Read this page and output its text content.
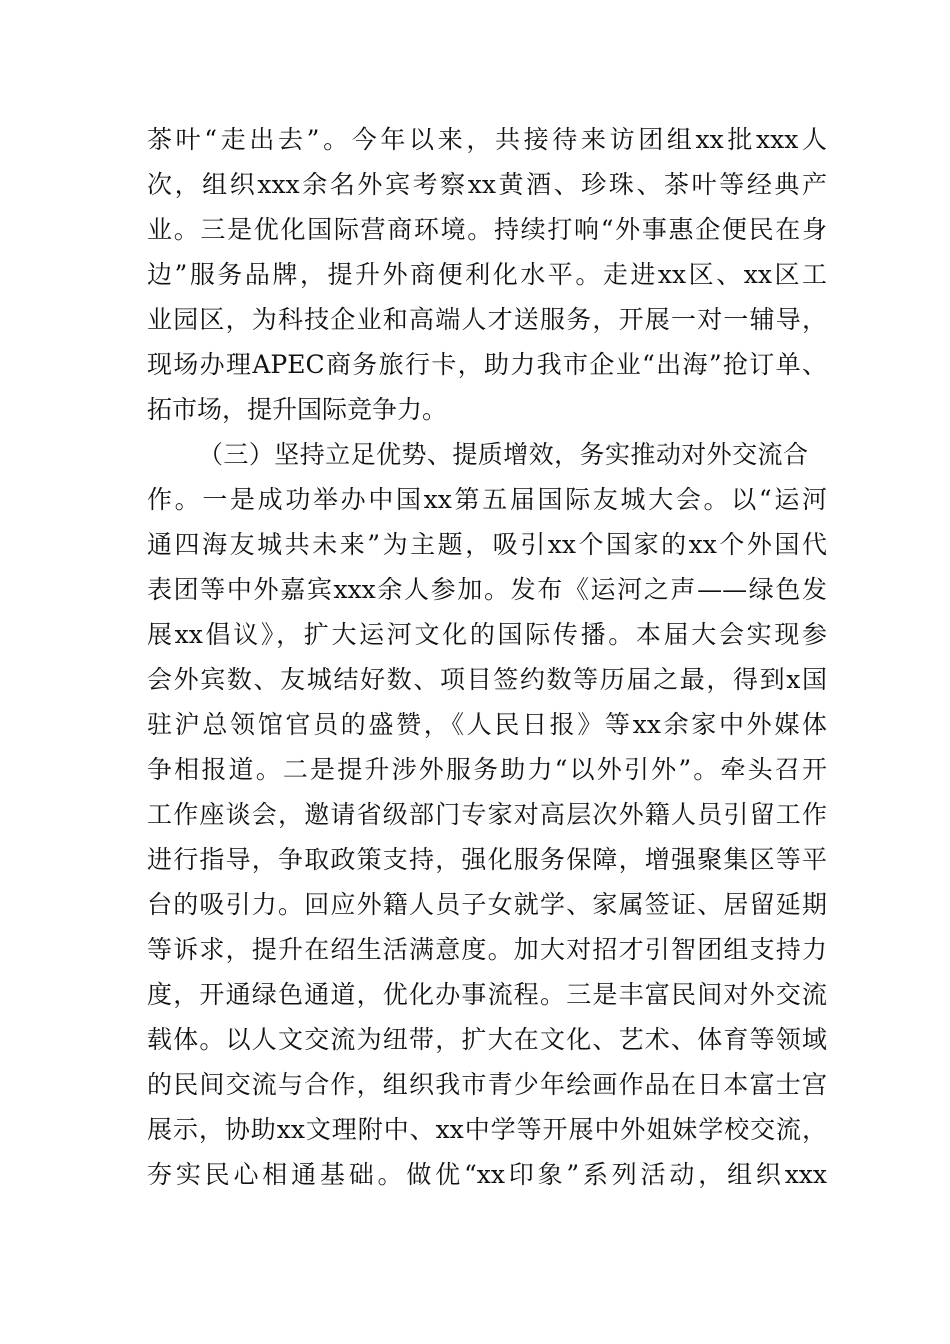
茶叶“走出去”。今年以来，共接待来访团组xx批xxx人
次，组织xxx余名外宾考察xx黄酒、珍珠、茶叶等经典产
业。三是优化国际营商环境。持续打响“外事惠企便民在身
边”服务品牌，提升外商便利化水平。走进xx区、xx区工
业园区，为科技企业和高端人才送服务，开展一对一辅导，
现场办理APEC商务旅行卡，助力我市企业“出海”抢订单、
拓市场，提升国际竞争力。
（三）坚持立足优势、提质增效，务实推动对外交流合
作。一是成功举办中国xx第五届国际友城大会。以“运河
通四海友城共未来”为主题，吸引xx个国家的xx个外国代
表团等中外嘉宾xxx余人参加。发布《运河之声——绿色发
展xx倡议》，扩大运河文化的国际传播。本届大会实现参
会外宾数、友城结好数、项目签约数等历届之最，得到x国
驻沪总领馆官员的盛赞，《人民日报》等xx余家中外媒体
争相报道。二是提升涉外服务助力“以外引外”。牵头召开
工作座谈会，邀请省级部门专家对高层次外籍人员引留工作
进行指导，争取政策支持，强化服务保障，增强聚集区等平
台的吸引力。回应外籍人员子女就学、家属签证、居留延期
等诉求，提升在绍生活满意度。加大对招才引智团组支持力
度，开通绿色通道，优化办事流程。三是丰富民间对外交流
载体。以人文交流为纽带，扩大在文化、艺术、体育等领域
的民间交流与合作，组织我市青少年绘画作品在日本富士宫
展示，协助xx文理附中、xx中学等开展中外姐妹学校交流，
夯实民心相通基础。做优“xx印象”系列活动，组织xxx
